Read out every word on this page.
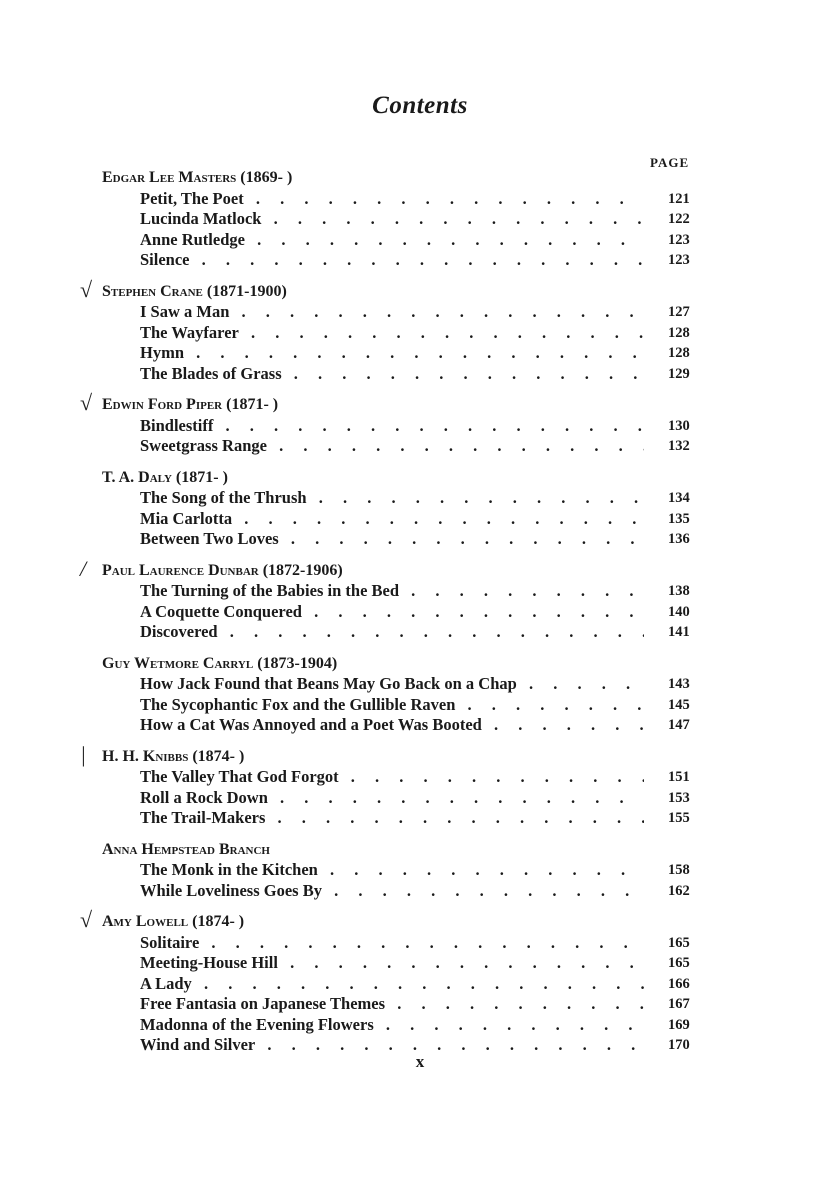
Contents
PAGE
Edgar Lee Masters (1869- )
Petit, The Poet . . .	121
Lucinda Matlock . . .	122
Anne Rutledge . . .	123
Silence . . .	123
√ Stephen Crane (1871-1900)
I Saw a Man . . .	127
The Wayfarer . . .	128
Hymn . . .	128
The Blades of Grass . . .	129
√ Edwin Ford Piper (1871- )
Bindlestiff . . .	130
Sweetgrass Range . . .	132
T. A. Daly (1871- )
The Song of the Thrush . . .	134
Mia Carlotta . . .	135
Between Two Loves . . .	136
/ Paul Laurence Dunbar (1872-1906)
The Turning of the Babies in the Bed . . .	138
A Coquette Conquered . . .	140
Discovered . . .	141
Guy Wetmore Carryl (1873-1904)
How Jack Found that Beans May Go Back on a Chap . . .	143
The Sycophantic Fox and the Gullible Raven . . .	145
How a Cat Was Annoyed and a Poet Was Booted . . .	147
| H. H. Knibbs (1874- )
The Valley That God Forgot . . .	151
Roll a Rock Down . . .	153
The Trail-Makers . . .	155
Anna Hempstead Branch
The Monk in the Kitchen . . .	158
While Loveliness Goes By . . .	162
√ Amy Lowell (1874- )
Solitaire . . .	165
Meeting-House Hill . . .	165
A Lady . . .	166
Free Fantasia on Japanese Themes . . .	167
Madonna of the Evening Flowers . . .	169
Wind and Silver . . .	170
x
